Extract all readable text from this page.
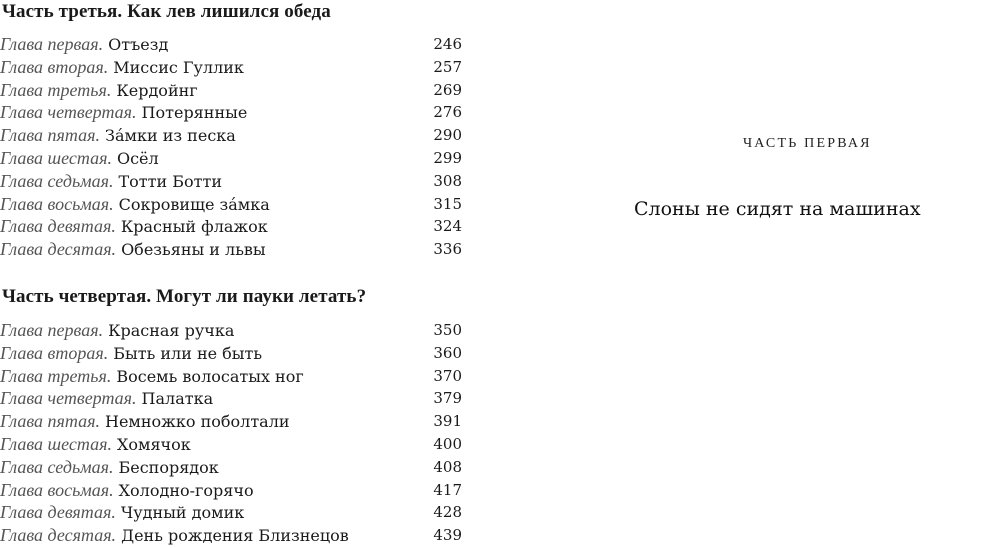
Часть третья. Как лев лишился обеда
Глава первая. Отъезд	246
Глава вторая. Миссис Гуллик	257
Глава третья. Кердойнг	269
Глава четвертая. Потерянные	276
Глава пятая. За́мки из песка	290
Глава шестая. Осёл	299
Глава седьмая. Тотти Ботти	308
Глава восьмая. Сокровище за́мка	315
Глава девятая. Красный флажок	324
Глава десятая. Обезьяны и львы	336
Часть четвертая. Могут ли пауки летать?
Глава первая. Красная ручка	350
Глава вторая. Быть или не быть	360
Глава третья. Восемь волосатых ног	370
Глава четвертая. Палатка	379
Глава пятая. Немножко поболтали	391
Глава шестая. Хомячок	400
Глава седьмая. Беспорядок	408
Глава восьмая. Холодно-горячо	417
Глава девятая. Чудный домик	428
Глава десятая. День рождения Близнецов	439
ЧАСТЬ ПЕРВАЯ
Слоны не сидят на машинах
